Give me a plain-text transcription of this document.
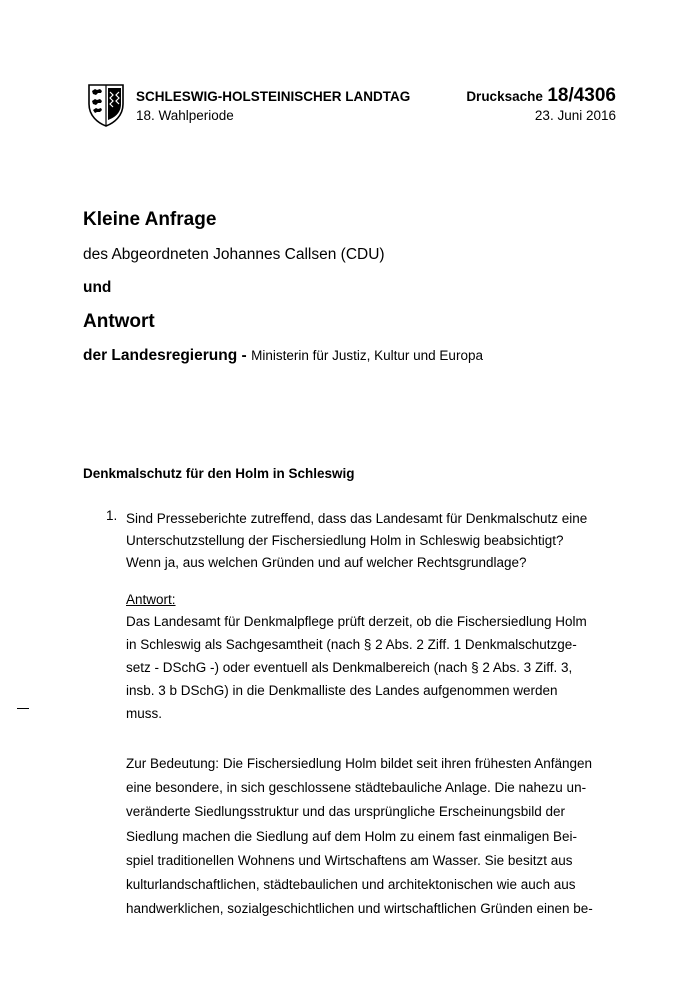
SCHLESWIG-HOLSTEINISCHER LANDTAG
18. Wahlperiode
Drucksache 18/4306
23. Juni 2016
Kleine Anfrage
des Abgeordneten Johannes Callsen (CDU)
und
Antwort
der Landesregierung - Ministerin für Justiz, Kultur und Europa
Denkmalschutz für den Holm in Schleswig
1. Sind Presseberichte zutreffend, dass das Landesamt für Denkmalschutz eine
Unterschutzstellung der Fischersiedlung Holm in Schleswig beabsichtigt?
Wenn ja, aus welchen Gründen und auf welcher Rechtsgrundlage?
Antwort:
Das Landesamt für Denkmalpflege prüft derzeit, ob die Fischersiedlung Holm
in Schleswig als Sachgesamtheit (nach § 2 Abs. 2 Ziff. 1 Denkmalschutzge-
setz - DSchG -) oder eventuell als Denkmalbereich (nach § 2 Abs. 3 Ziff. 3,
insb. 3 b DSchG) in die Denkmalliste des Landes aufgenommen werden
muss.
Zur Bedeutung: Die Fischersiedlung Holm bildet seit ihren frühesten Anfängen
eine besondere, in sich geschlossene städtebauliche Anlage. Die nahezu un-
veränderte Siedlungsstruktur und das ursprüngliche Erscheinungsbild der
Siedlung machen die Siedlung auf dem Holm zu einem fast einmaligen Bei-
spiel traditionellen Wohnens und Wirtschaftens am Wasser. Sie besitzt aus
kulturlandschaftlichen, städtebaulichen und architektonischen wie auch aus
handwerklichen, sozialgeschichtlichen und wirtschaftlichen Gründen einen be-
